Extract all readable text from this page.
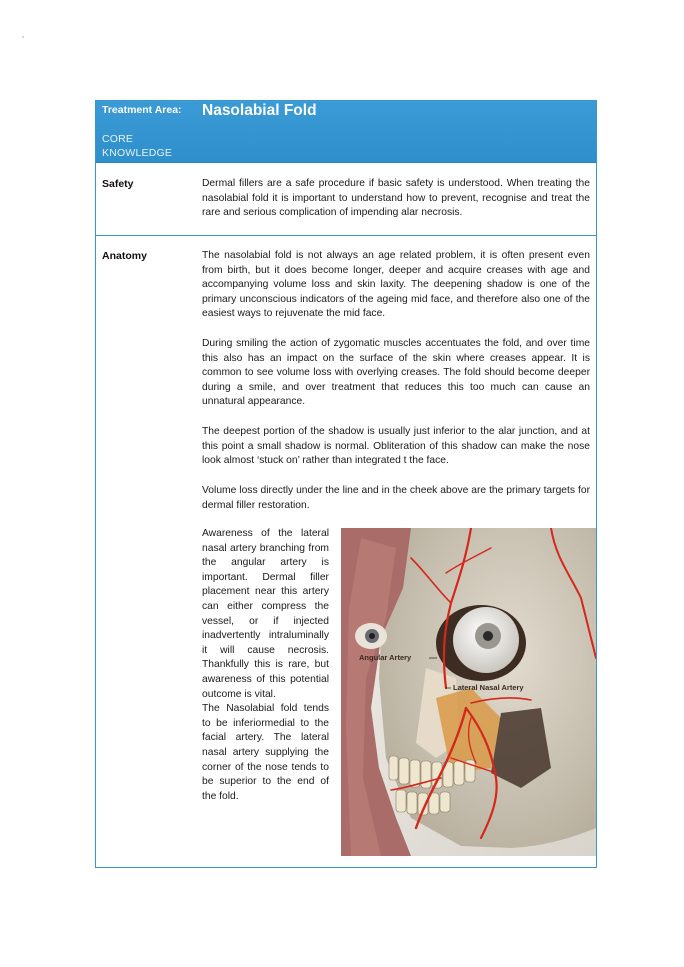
Treatment Area: Nasolabial Fold
CORE
KNOWLEDGE
Safety	Dermal fillers are a safe procedure if basic safety is understood. When treating the nasolabial fold it is important to understand how to prevent, recognise and treat the rare and serious complication of impending alar necrosis.

Anatomy	The nasolabial fold is not always an age related problem, it is often present even from birth, but it does become longer, deeper and acquire creases with age and accompanying volume loss and skin laxity. The deepening shadow is one of the primary unconscious indicators of the ageing mid face, and therefore also one of the easiest ways to rejuvenate the mid face.

During smiling the action of zygomatic muscles accentuates the fold, and over time this also has an impact on the surface of the skin where creases appear. It is common to see volume loss with overlying creases. The fold should become deeper during a smile, and over treatment that reduces this too much can cause an unnatural appearance.

The deepest portion of the shadow is usually just inferior to the alar junction, and at this point a small shadow is normal. Obliteration of this shadow can make the nose look almost ‘stuck on’ rather than integrated t the face.

Volume loss directly under the line and in the cheek above are the primary targets for dermal filler restoration.

Awareness of the lateral nasal artery branching from the angular artery is important. Dermal filler placement near this artery can either compress the vessel, or if injected inadvertently intraluminally it will cause necrosis. Thankfully this is rare, but awareness of this potential outcome is vital.
The Nasolabial fold tends to be inferiormedial to the facial artery. The lateral nasal artery supplying the corner of the nose tends to be superior to the end of the fold.
Angular Artery
Lateral Nasal Artery
